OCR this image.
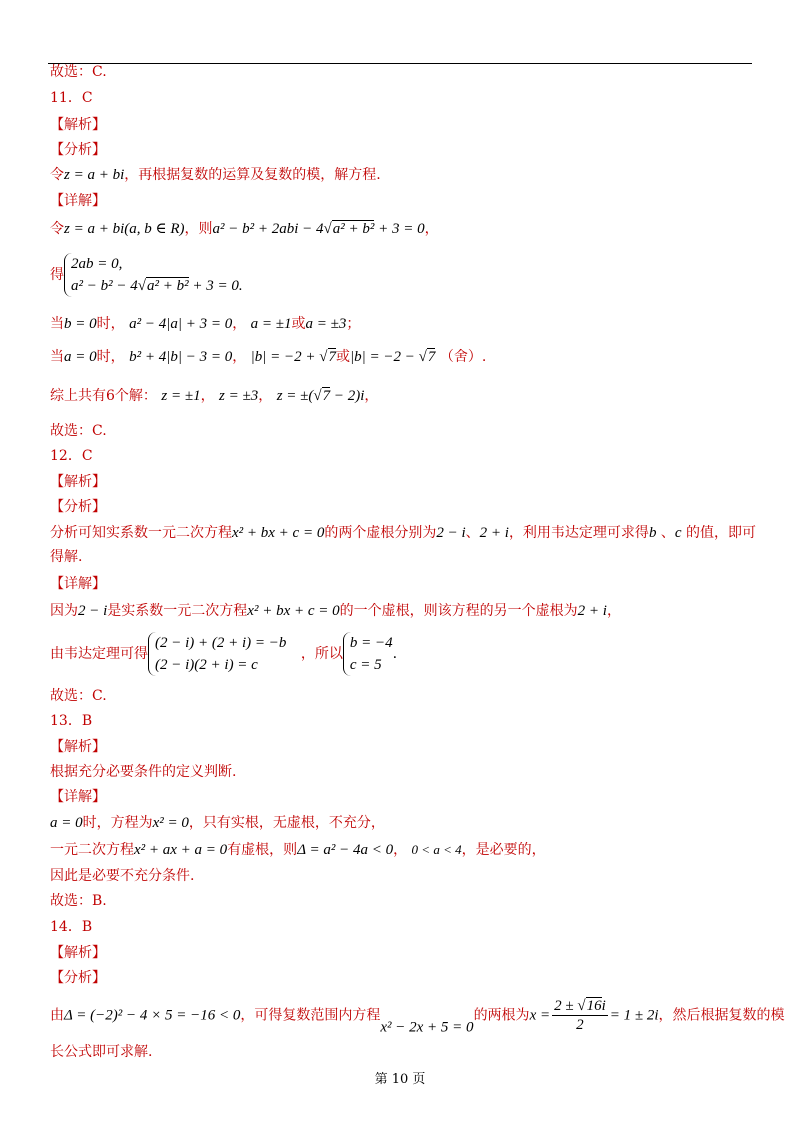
故选：C.
11．C
【解析】
【分析】
令z = a + bi，再根据复数的运算及复数的模，解方程.
【详解】
令z = a + bi(a, b ∈ R)，则a² − b² + 2abi − 4√a² + b² + 3 = 0，
得
2ab = 0,
a² − b² − 4√a² + b² + 3 = 0.
当b = 0时， a² − 4|a| + 3 = 0， a = ±1或a = ±3；
当a = 0时， b² + 4|b| − 3 = 0， |b| = −2 + √7或|b| = −2 − √7 （舍）.
综上共有6个解： z = ±1， z = ±3， z = ±(√7 − 2)i，
故选：C.
12．C
【解析】
【分析】
分析可知实系数一元二次方程x² + bx + c = 0的两个虚根分别为2 − i、2 + i，利用韦达定理可求得b 、c 的值，即可
得解.
【详解】
因为2 − i是实系数一元二次方程x² + bx + c = 0的一个虚根，则该方程的另一个虚根为2 + i，
由韦达定理可得
(2 − i) + (2 + i) = −b
(2 − i)(2 + i) = c
，所以
b = −4
c = 5
.
故选：C.
13．B
【解析】
根据充分必要条件的定义判断.
【详解】
a = 0时，方程为x² = 0，只有实根，无虚根，不充分，
一元二次方程x² + ax + a = 0有虚根，则Δ = a² − 4a < 0， 0 < a < 4，是必要的，
因此是必要不充分条件.
故选：B.
14．B
【解析】
【分析】
由Δ = (−2)² − 4 × 5 = −16 < 0，可得复数范围内方程x² − 2x + 5 = 0的两根为$x = \frac{2 \pm √16i}{2} = 1 \pm 2i$，然后根据复数的模
长公式即可求解.
第 10 页
